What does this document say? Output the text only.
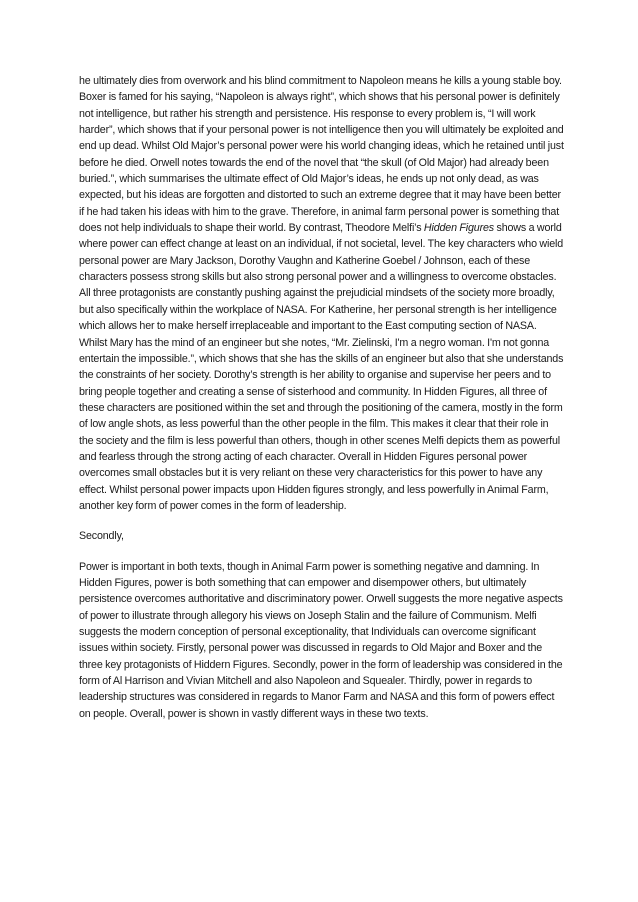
he ultimately dies from overwork and his blind commitment to Napoleon means he kills a young stable boy. Boxer is famed for his saying, “Napoleon is always right”, which shows that his personal power is definitely not intelligence, but rather his strength and persistence. His response to every problem is, “I will work harder”, which shows that if your personal power is not intelligence then you will ultimately be exploited and end up dead. Whilst Old Major’s personal power were his world changing ideas, which he retained until just before he died. Orwell notes towards the end of the novel that “the skull (of Old Major) had already been buried.”, which summarises the ultimate effect of Old Major’s ideas, he ends up not only dead, as was expected, but his ideas are forgotten and distorted to such an extreme degree that it may have been better if he had taken his ideas with him to the grave. Therefore, in animal farm personal power is something that does not help individuals to shape their world. By contrast, Theodore Melfi’s Hidden Figures shows a world where power can effect change at least on an individual, if not societal, level. The key characters who wield personal power are Mary Jackson, Dorothy Vaughn and Katherine Goebel / Johnson, each of these characters possess strong skills but also strong personal power and a willingness to overcome obstacles. All three protagonists are constantly pushing against the prejudicial mindsets of the society more broadly, but also specifically within the workplace of NASA. For Katherine, her personal strength is her intelligence which allows her to make herself irreplaceable and important to the East computing section of NASA. Whilst Mary has the mind of an engineer but she notes, “Mr. Zielinski, I'm a negro woman. I'm not gonna entertain the impossible.”, which shows that she has the skills of an engineer but also that she understands the constraints of her society. Dorothy’s strength is her ability to organise and supervise her peers and to bring people together and creating a sense of sisterhood and community. In Hidden Figures, all three of these characters are positioned within the set and through the positioning of the camera, mostly in the form of low angle shots, as less powerful than the other people in the film. This makes it clear that their role in the society and the film is less powerful than others, though in other scenes Melfi depicts them as powerful and fearless through the strong acting of each character. Overall in Hidden Figures personal power overcomes small obstacles but it is very reliant on these very characteristics for this power to have any effect. Whilst personal power impacts upon Hidden figures strongly, and less powerfully in Animal Farm, another key form of power comes in the form of leadership.

Secondly,

Power is important in both texts, though in Animal Farm power is something negative and damning. In Hidden Figures, power is both something that can empower and disempower others, but ultimately persistence overcomes authoritative and discriminatory power. Orwell suggests the more negative aspects of power to illustrate through allegory his views on Joseph Stalin and the failure of Communism. Melfi suggests the modern conception of personal exceptionality, that Individuals can overcome significant issues within society. Firstly, personal power was discussed in regards to Old Major and Boxer and the three key protagonists of Hiddern Figures. Secondly, power in the form of leadership was considered in the form of Al Harrison and Vivian Mitchell and also Napoleon and Squealer. Thirdly, power in regards to leadership structures was considered in regards to Manor Farm and NASA and this form of powers effect on people. Overall, power is shown in vastly different ways in these two texts.
